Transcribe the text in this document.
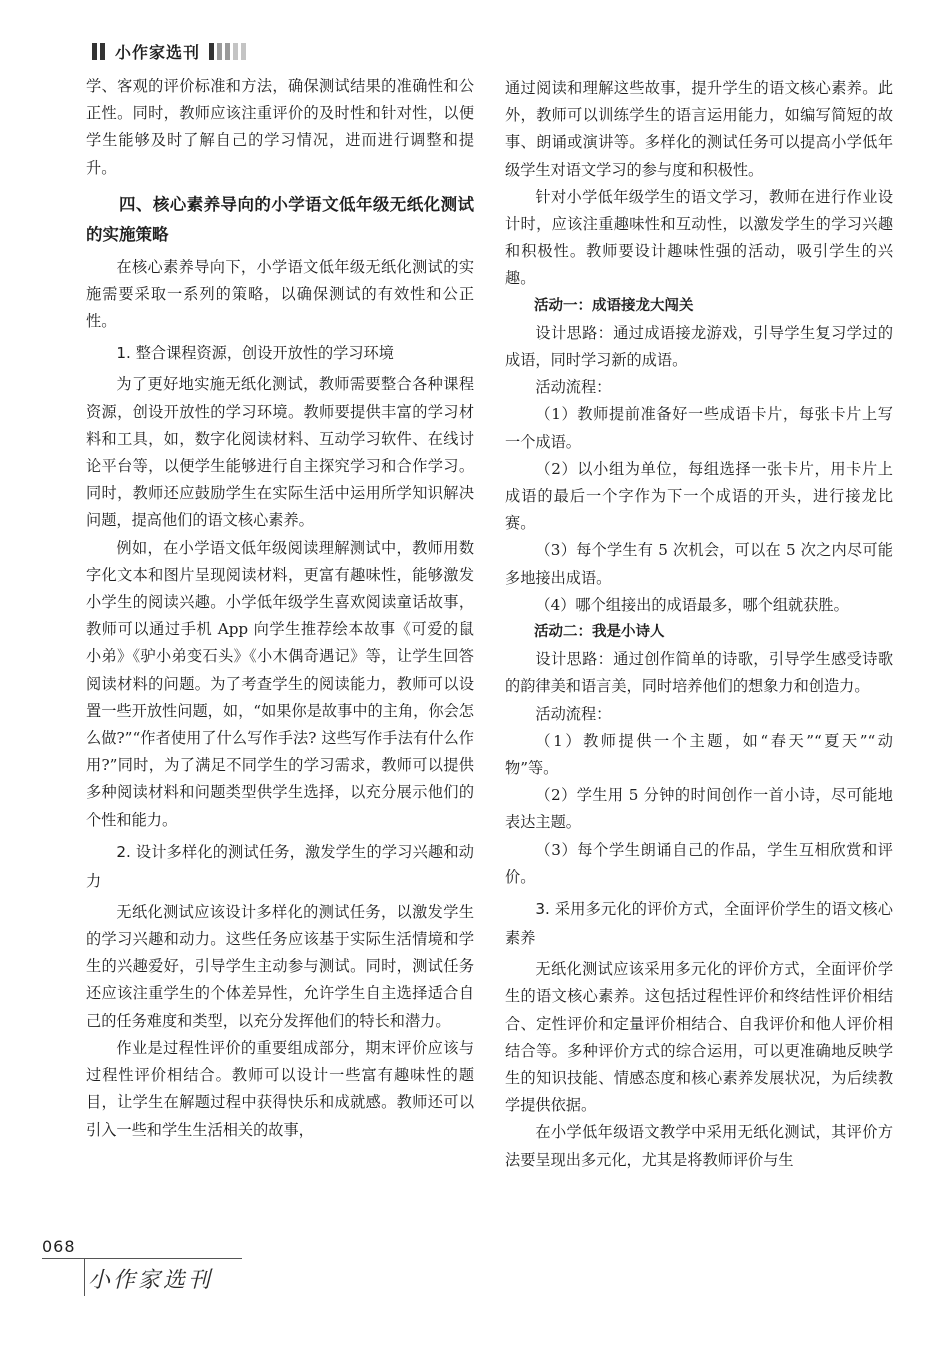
小作家选刊

学、客观的评价标准和方法，确保测试结果的准确性和公正性。同时，教师应该注重评价的及时性和针对性，以便学生能够及时了解自己的学习情况，进而进行调整和提升。

四、核心素养导向的小学语文低年级无纸化测试的实施策略

在核心素养导向下，小学语文低年级无纸化测试的实施需要采取一系列的策略，以确保测试的有效性和公正性。

1. 整合课程资源，创设开放性的学习环境

为了更好地实施无纸化测试，教师需要整合各种课程资源，创设开放性的学习环境。教师要提供丰富的学习材料和工具，如，数字化阅读材料、互动学习软件、在线讨论平台等，以便学生能够进行自主探究学习和合作学习。同时，教师还应鼓励学生在实际生活中运用所学知识解决问题，提高他们的语文核心素养。

例如，在小学语文低年级阅读理解测试中，教师用数字化文本和图片呈现阅读材料，更富有趣味性，能够激发小学生的阅读兴趣。小学低年级学生喜欢阅读童话故事，教师可以通过手机 App 向学生推荐绘本故事《可爱的鼠小弟》《驴小弟变石头》《小木偶奇遇记》等，让学生回答阅读材料的问题。为了考查学生的阅读能力，教师可以设置一些开放性问题，如，“如果你是故事中的主角，你会怎么做?”“作者使用了什么写作手法? 这些写作手法有什么作用?”同时，为了满足不同学生的学习需求，教师可以提供多种阅读材料和问题类型供学生选择，以充分展示他们的个性和能力。

2. 设计多样化的测试任务，激发学生的学习兴趣和动力

无纸化测试应该设计多样化的测试任务，以激发学生的学习兴趣和动力。这些任务应该基于实际生活情境和学生的兴趣爱好，引导学生主动参与测试。同时，测试任务还应该注重学生的个体差异性，允许学生自主选择适合自己的任务难度和类型，以充分发挥他们的特长和潜力。

作业是过程性评价的重要组成部分，期末评价应该与过程性评价相结合。教师可以设计一些富有趣味性的题目，让学生在解题过程中获得快乐和成就感。教师还可以引入一些和学生生活相关的故事，

通过阅读和理解这些故事，提升学生的语文核心素养。此外，教师可以训练学生的语言运用能力，如编写简短的故事、朗诵或演讲等。多样化的测试任务可以提高小学低年级学生对语文学习的参与度和积极性。

针对小学低年级学生的语文学习，教师在进行作业设计时，应该注重趣味性和互动性，以激发学生的学习兴趣和积极性。教师要设计趣味性强的活动，吸引学生的兴趣。

活动一：成语接龙大闯关

设计思路：通过成语接龙游戏，引导学生复习学过的成语，同时学习新的成语。

活动流程：

（1）教师提前准备好一些成语卡片，每张卡片上写一个成语。

（2）以小组为单位，每组选择一张卡片，用卡片上成语的最后一个字作为下一个成语的开头，进行接龙比赛。

（3）每个学生有 5 次机会，可以在 5 次之内尽可能多地接出成语。

（4）哪个组接出的成语最多，哪个组就获胜。

活动二：我是小诗人

设计思路：通过创作简单的诗歌，引导学生感受诗歌的韵律美和语言美，同时培养他们的想象力和创造力。

活动流程：

（1）教师提供一个主题，如“春天”“夏天”“动物”等。

（2）学生用 5 分钟的时间创作一首小诗，尽可能地表达主题。

（3）每个学生朗诵自己的作品，学生互相欣赏和评价。

3. 采用多元化的评价方式，全面评价学生的语文核心素养

无纸化测试应该采用多元化的评价方式，全面评价学生的语文核心素养。这包括过程性评价和终结性评价相结合、定性评价和定量评价相结合、自我评价和他人评价相结合等。多种评价方式的综合运用，可以更准确地反映学生的知识技能、情感态度和核心素养发展状况，为后续教学提供依据。

在小学低年级语文教学中采用无纸化测试，其评价方法要呈现出多元化，尤其是将教师评价与生

068
小作家选刊
